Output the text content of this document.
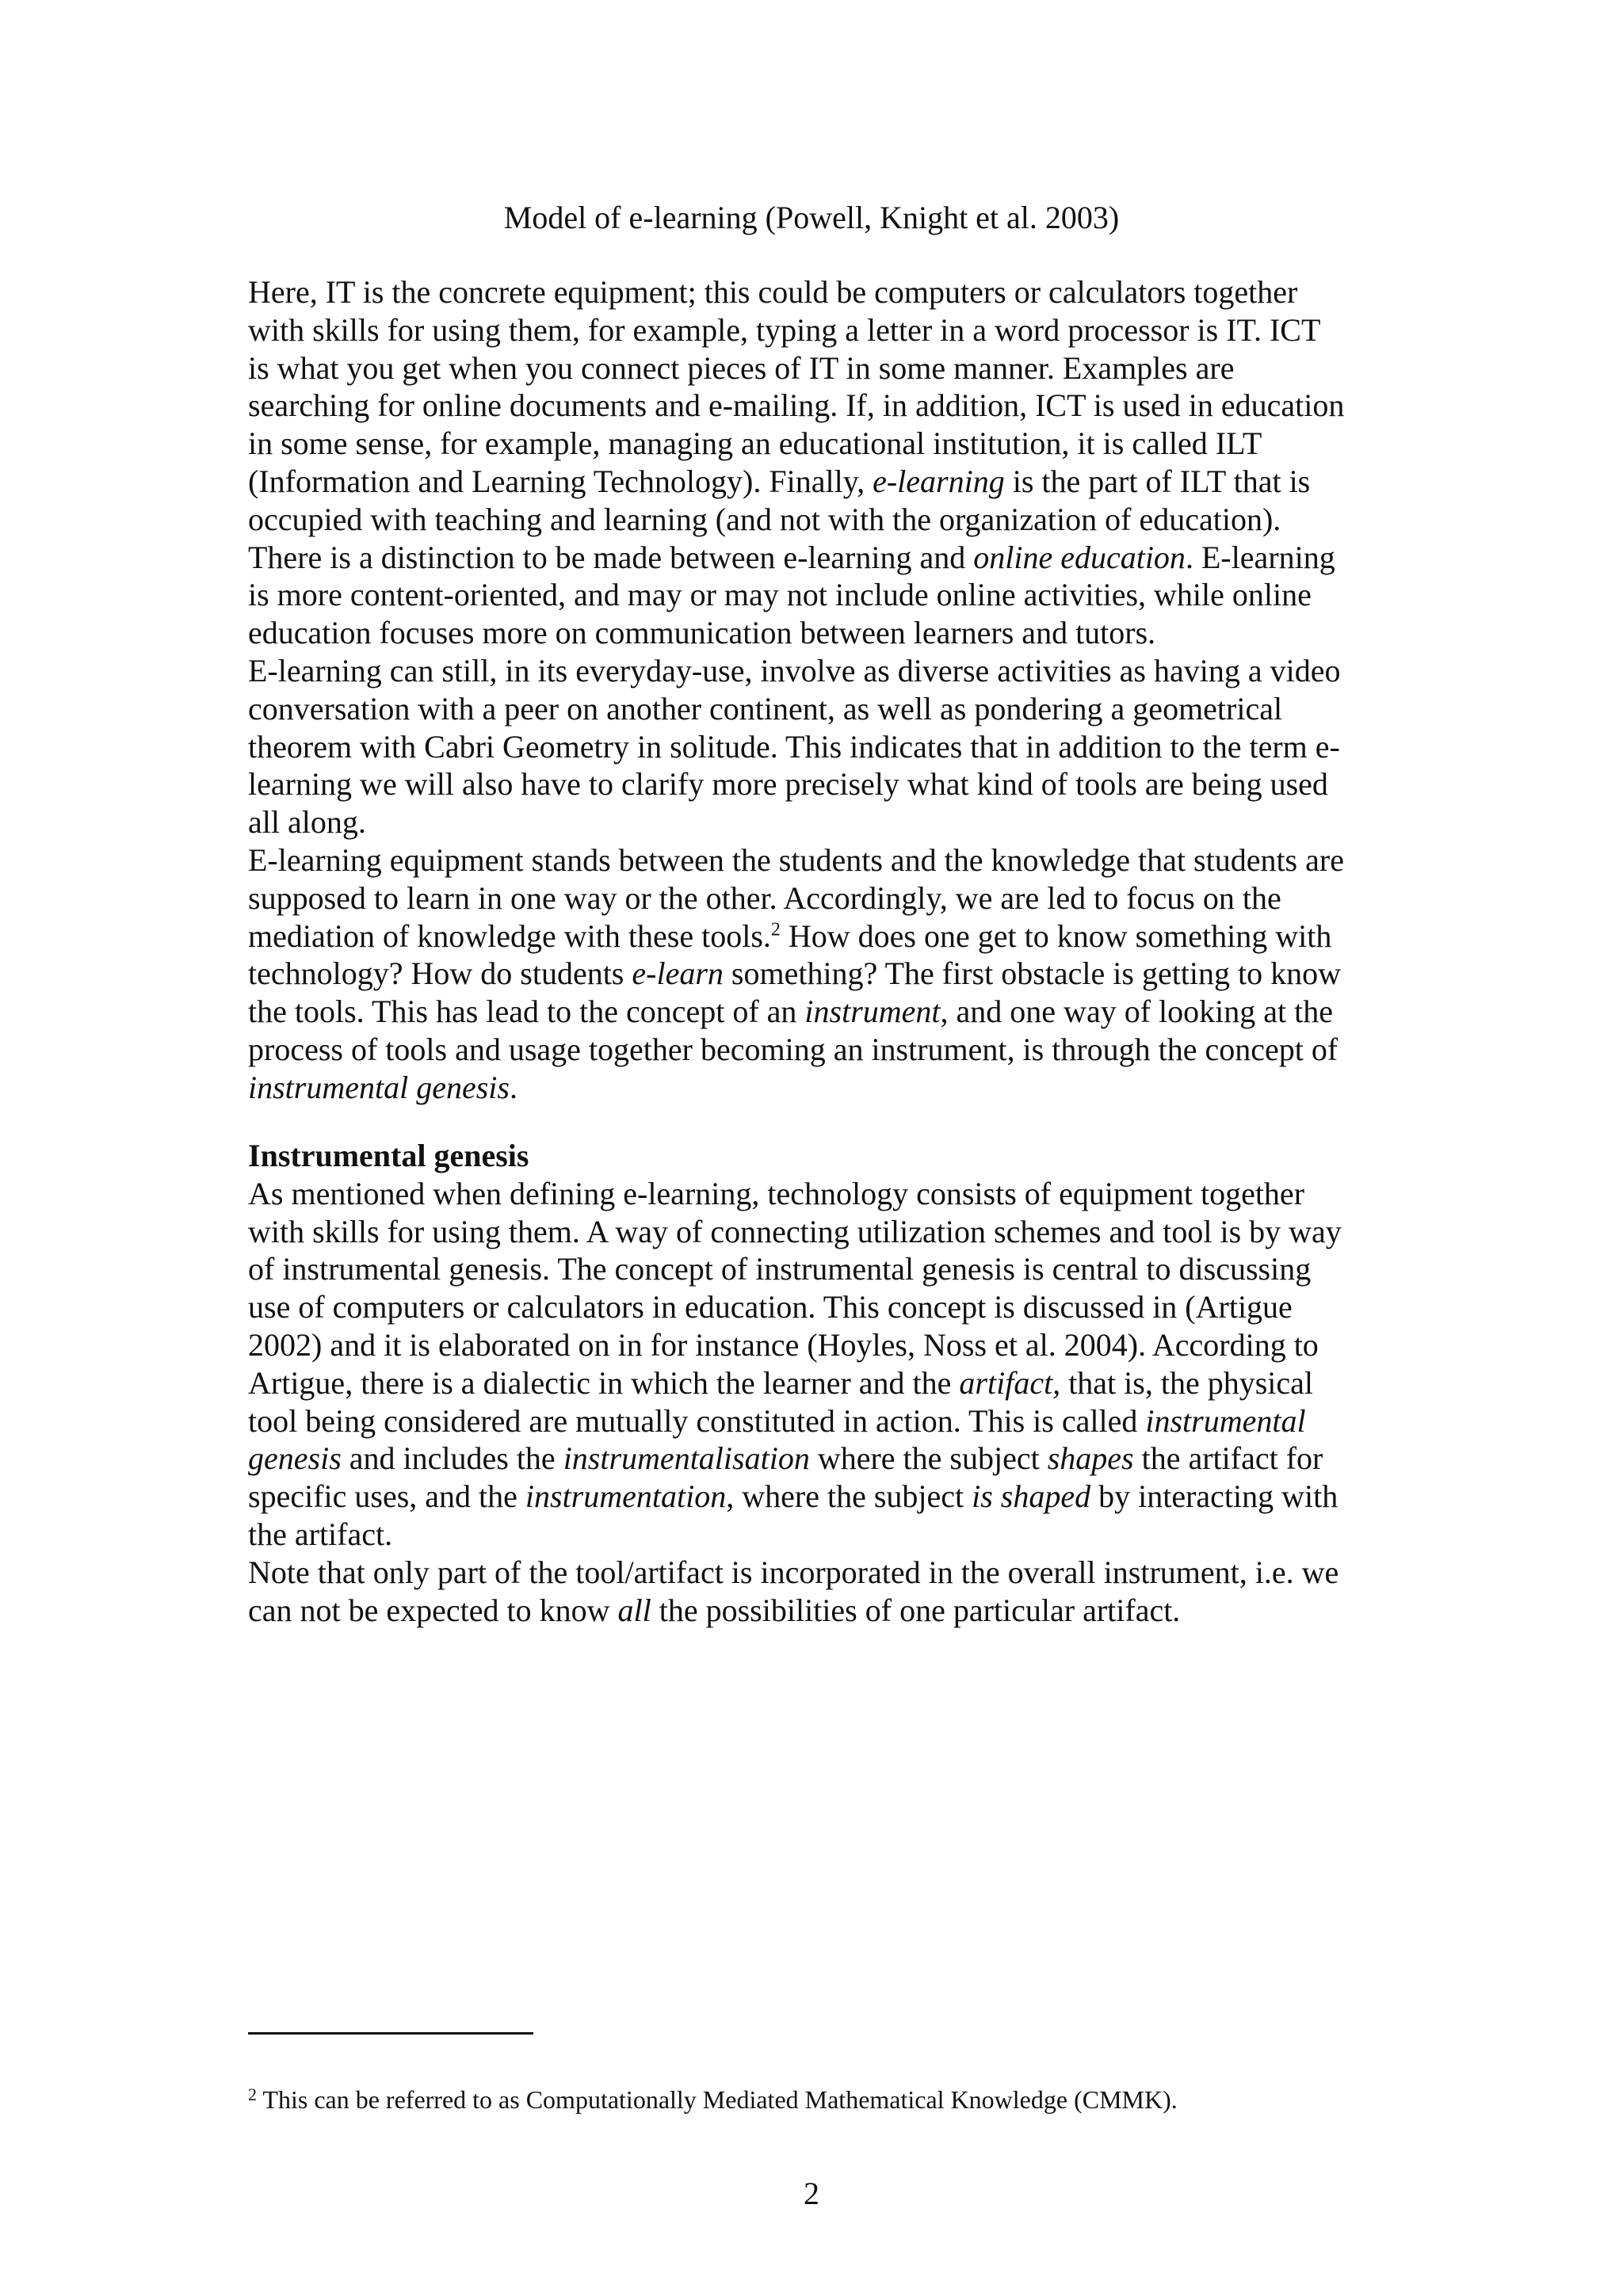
Model of e-learning (Powell, Knight et al. 2003)

Here, IT is the concrete equipment; this could be computers or calculators together

with skills for using them, for example, typing a letter in a word processor is IT. ICT

is what you get when you connect pieces of IT in some manner. Examples are

searching for online documents and e-mailing. If, in addition, ICT is used in education

in some sense, for example, managing an educational institution, it is called ILT

(Information and Learning Technology). Finally, e-learning is the part of ILT that is

occupied with teaching and learning (and not with the organization of education).

There is a distinction to be made between e-learning and online education. E-learning

is more content-oriented, and may or may not include online activities, while online

education focuses more on communication between learners and tutors.

E-learning can still, in its everyday-use, involve as diverse activities as having a video

conversation with a peer on another continent, as well as pondering a geometrical

theorem with Cabri Geometry in solitude. This indicates that in addition to the term e-

learning we will also have to clarify more precisely what kind of tools are being used

all along.

E-learning equipment stands between the students and the knowledge that students are

supposed to learn in one way or the other. Accordingly, we are led to focus on the

mediation of knowledge with these tools.$^2$ How does one get to know something with

technology? How do students e-learn something? The first obstacle is getting to know

the tools. This has lead to the concept of an instrument, and one way of looking at the

process of tools and usage together becoming an instrument, is through the concept of

instrumental genesis.

Instrumental genesis

As mentioned when defining e-learning, technology consists of equipment together

with skills for using them. A way of connecting utilization schemes and tool is by way

of instrumental genesis. The concept of instrumental genesis is central to discussing

use of computers or calculators in education. This concept is discussed in (Artigue

2002) and it is elaborated on in for instance (Hoyles, Noss et al. 2004). According to

Artigue, there is a dialectic in which the learner and the artifact, that is, the physical

tool being considered are mutually constituted in action. This is called instrumental

genesis and includes the instrumentalisation where the subject shapes the artifact for

specific uses, and the instrumentation, where the subject is shaped by interacting with

the artifact.

Note that only part of the tool/artifact is incorporated in the overall instrument, i.e. we

can not be expected to know all the possibilities of one particular artifact.

$^2$ This can be referred to as Computationally Mediated Mathematical Knowledge (CMMK).

2
